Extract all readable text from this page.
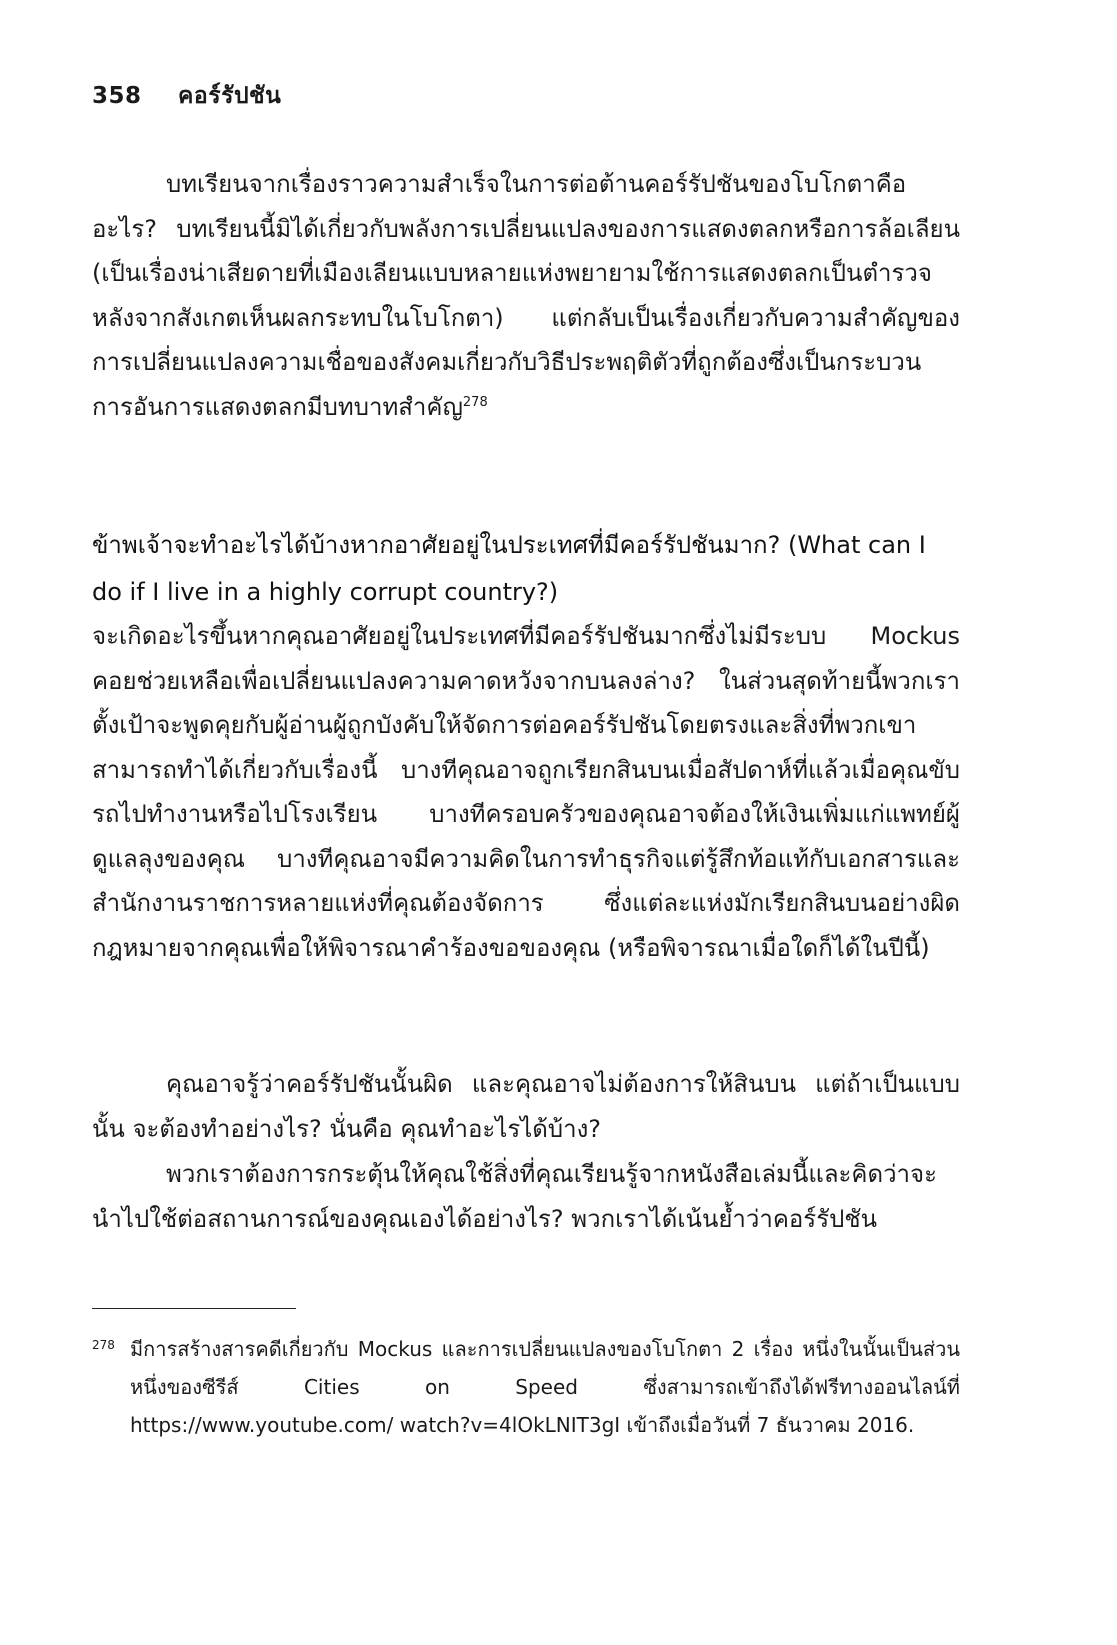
358 คอร์รัปชัน

บทเรียนจากเรื่องราวความสำเร็จในการต่อต้านคอร์รัปชันของโบโกตาคืออะไร? บทเรียนนี้มิได้เกี่ยวกับพลังการเปลี่ยนแปลงของการแสดงตลกหรือการล้อเลียน (เป็นเรื่องน่าเสียดายที่เมืองเลียนแบบหลายแห่งพยายามใช้การแสดงตลกเป็นตำรวจหลังจากสังเกตเห็นผลกระทบในโบโกตา) แต่กลับเป็นเรื่องเกี่ยวกับความสำคัญของการเปลี่ยนแปลงความเชื่อของสังคมเกี่ยวกับวิธีประพฤติตัวที่ถูกต้องซึ่งเป็นกระบวนการอันการแสดงตลกมีบทบาทสำคัญ$^{278}$

ข้าพเจ้าจะทำอะไรได้บ้างหากอาศัยอยู่ในประเทศที่มีคอร์รัปชันมาก? (What can I do if I live in a highly corrupt country?)

จะเกิดอะไรขึ้นหากคุณอาศัยอยู่ในประเทศที่มีคอร์รัปชันมากซึ่งไม่มีระบบ Mockus คอยช่วยเหลือเพื่อเปลี่ยนแปลงความคาดหวังจากบนลงล่าง? ในส่วนสุดท้ายนี้พวกเราตั้งเป้าจะพูดคุยกับผู้อ่านผู้ถูกบังคับให้จัดการต่อคอร์รัปชันโดยตรงและสิ่งที่พวกเขาสามารถทำได้เกี่ยวกับเรื่องนี้ บางทีคุณอาจถูกเรียกสินบนเมื่อสัปดาห์ที่แล้วเมื่อคุณขับรถไปทำงานหรือไปโรงเรียน บางทีครอบครัวของคุณอาจต้องให้เงินเพิ่มแก่แพทย์ผู้ดูแลลุงของคุณ บางทีคุณอาจมีความคิดในการทำธุรกิจแต่รู้สึกท้อแท้กับเอกสารและสำนักงานราชการหลายแห่งที่คุณต้องจัดการ ซึ่งแต่ละแห่งมักเรียกสินบนอย่างผิดกฎหมายจากคุณเพื่อให้พิจารณาคำร้องขอของคุณ (หรือพิจารณาเมื่อใดก็ได้ในปีนี้)

คุณอาจรู้ว่าคอร์รัปชันนั้นผิด และคุณอาจไม่ต้องการให้สินบน แต่ถ้าเป็นแบบนั้น จะต้องทำอย่างไร? นั่นคือ คุณทำอะไรได้บ้าง?

พวกเราต้องการกระตุ้นให้คุณใช้สิ่งที่คุณเรียนรู้จากหนังสือเล่มนี้และคิดว่าจะนำไปใช้ต่อสถานการณ์ของคุณเองได้อย่างไร? พวกเราได้เน้นย้ำว่าคอร์รัปชัน

278 มีการสร้างสารคดีเกี่ยวกับ Mockus และการเปลี่ยนแปลงของโบโกตา 2 เรื่อง หนึ่งในนั้นเป็นส่วนหนึ่งของซีรีส์ Cities on Speed ซึ่งสามารถเข้าถึงได้ฟรีทางออนไลน์ที่ https://www.youtube.com/ watch?v=4lOkLNIT3gI เข้าถึงเมื่อวันที่ 7 ธันวาคม 2016.
